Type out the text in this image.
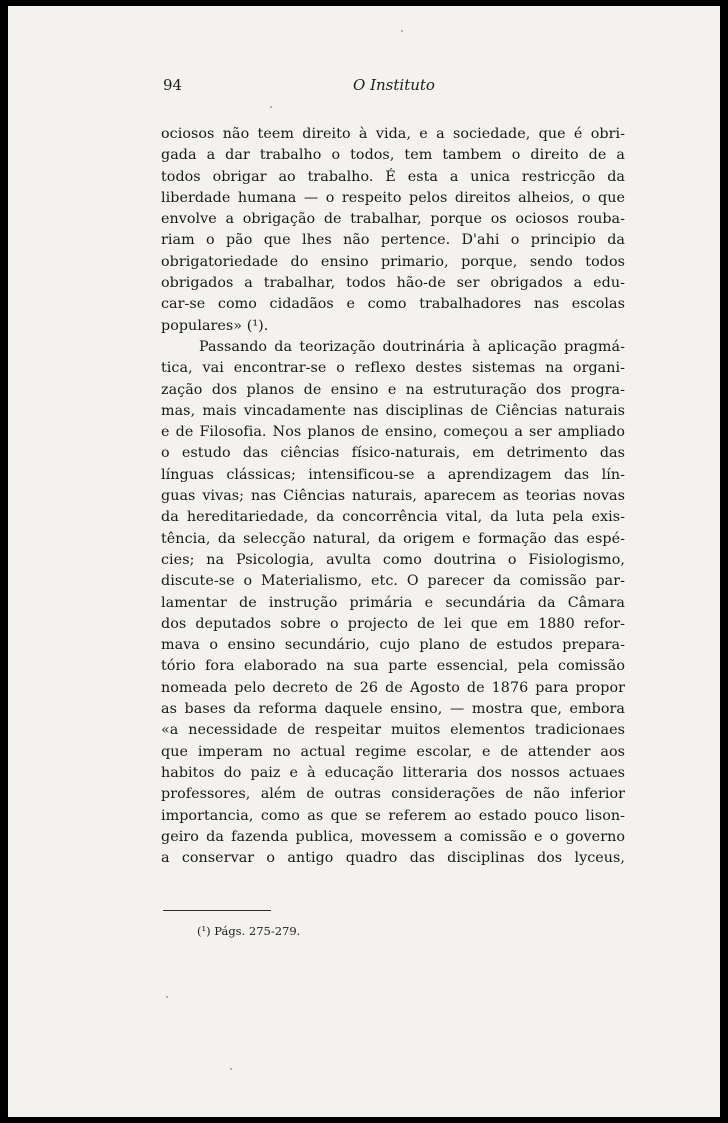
94	O Instituto
ociosos não teem direito à vida, e a sociedade, que é obri-
gada a dar trabalho o todos, tem tambem o direito de a
todos obrigar ao trabalho. É esta a unica restricção da
liberdade humana — o respeito pelos direitos alheios, o que
envolve a obrigação de trabalhar, porque os ociosos rouba-
riam o pão que lhes não pertence. D'ahi o principio da
obrigatoriedade do ensino primario, porque, sendo todos
obrigados a trabalhar, todos hão-de ser obrigados a edu-
car-se como cidadãos e como trabalhadores nas escolas
populares» (¹).
Passando da teorização doutrinária à aplicação pragmá-
tica, vai encontrar-se o reflexo destes sistemas na organi-
zação dos planos de ensino e na estruturação dos progra-
mas, mais vincadamente nas disciplinas de Ciências naturais
e de Filosofia. Nos planos de ensino, começou a ser ampliado
o estudo das ciências físico-naturais, em detrimento das
línguas clássicas; intensificou-se a aprendizagem das lín-
guas vivas; nas Ciências naturais, aparecem as teorias novas
da hereditariedade, da concorrência vital, da luta pela exis-
tência, da selecção natural, da origem e formação das espé-
cies; na Psicologia, avulta como doutrina o Fisiologismo,
discute-se o Materialismo, etc. O parecer da comissão par-
lamentar de instrução primária e secundária da Câmara
dos deputados sobre o projecto de lei que em 1880 refor-
mava o ensino secundário, cujo plano de estudos prepara-
tório fora elaborado na sua parte essencial, pela comissão
nomeada pelo decreto de 26 de Agosto de 1876 para propor
as bases da reforma daquele ensino, — mostra que, embora
«a necessidade de respeitar muitos elementos tradicionaes
que imperam no actual regime escolar, e de attender aos
habitos do paiz e à educação litteraria dos nossos actuaes
professores, além de outras considerações de não inferior
importancia, como as que se referem ao estado pouco lison-
geiro da fazenda publica, movessem a comissão e o governo
a conservar o antigo quadro das disciplinas dos lyceus,
(¹) Págs. 275-279.
